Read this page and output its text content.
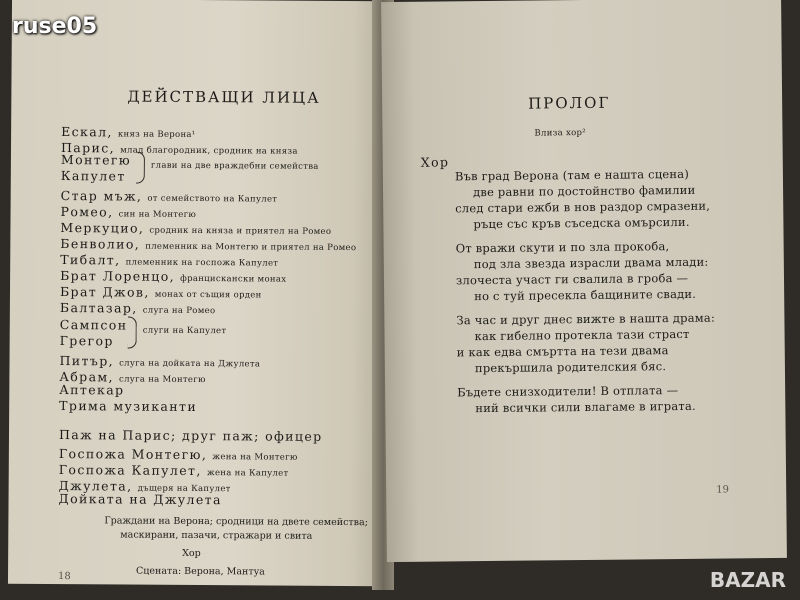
ДЕЙСТВАЩИ ЛИЦА
Ескал, княз на Верона¹
Парис, млад благородник, сродник на княза
Монтегю
Капулет
глави на две враждебни семейства
Стар мъж, от семейството на Капулет
Ромео, син на Монтегю
Меркуцио, сродник на княза и приятел на Ромео
Бенволио, племенник на Монтегю и приятел на Ромео
Тибалт, племенник на госпожа Капулет
Брат Лоренцо, францискански монах
Брат Джов, монах от същия орден
Балтазар, слуга на Ромео
Сампсон
Грегор
слуги на Капулет
Питър, слуга на дойката на Джулета
Абрам, слуга на Монтегю
Аптекар
Трима музиканти
Паж на Парис; друг паж; офицер
Госпожа Монтегю, жена на Монтегю
Госпожа Капулет, жена на Капулет
Джулета, дъщеря на Капулет
Дойката на Джулета
Граждани на Верона; сродници на двете семейства;
маскирани, пазачи, стражари и свита
Хор
Сцената: Верона, Мантуа
18
ПРОЛОГ
Влиза хор²
Хор
Във град Верона (там е нашта сцена)
две равни по достойнство фамилии
след стари ежби в нов раздор смразени,
ръце със кръв съседска омърсили.
От вражи скути и по зла прокоба,
под зла звезда израсли двама млади:
злочеста участ ги свалила в гроба —
но с туй пресекла бащините свади.
За час и друг днес вижте в нашта драма:
как гибелно протекла тази страст
и как едва смъртта на тези двама
прекършила родителския бяс.
Бъдете снизходители! В отплата —
ний всички сили влагаме в играта.
19
ruse05
BAZAR
